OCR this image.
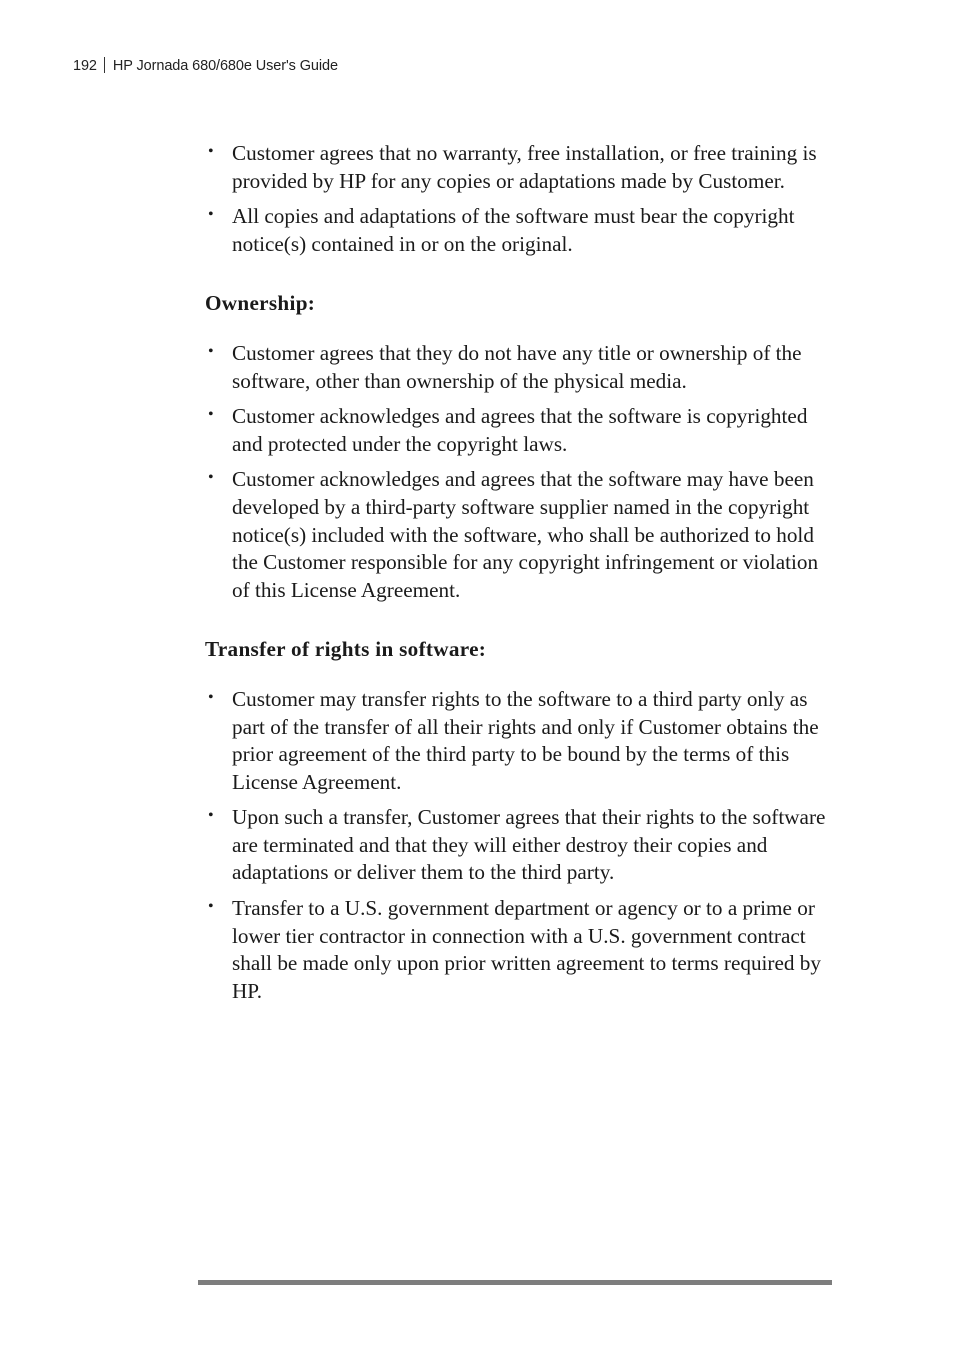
192 HP Jornada 680/680e User's Guide
• Customer agrees that no warranty, free installation, or free training is provided by HP for any copies or adaptations made by Customer.
• All copies and adaptations of the software must bear the copyright notice(s) contained in or on the original.
Ownership:
• Customer agrees that they do not have any title or ownership of the software, other than ownership of the physical media.
• Customer acknowledges and agrees that the software is copyrighted and protected under the copyright laws.
• Customer acknowledges and agrees that the software may have been developed by a third-party software supplier named in the copyright notice(s) included with the software, who shall be authorized to hold the Customer responsible for any copyright infringement or violation of this License Agreement.
Transfer of rights in software:
• Customer may transfer rights to the software to a third party only as part of the transfer of all their rights and only if Customer obtains the prior agreement of the third party to be bound by the terms of this License Agreement.
• Upon such a transfer, Customer agrees that their rights to the software are terminated and that they will either destroy their copies and adaptations or deliver them to the third party.
• Transfer to a U.S. government department or agency or to a prime or lower tier contractor in connection with a U.S. government contract shall be made only upon prior written agreement to terms required by HP.
